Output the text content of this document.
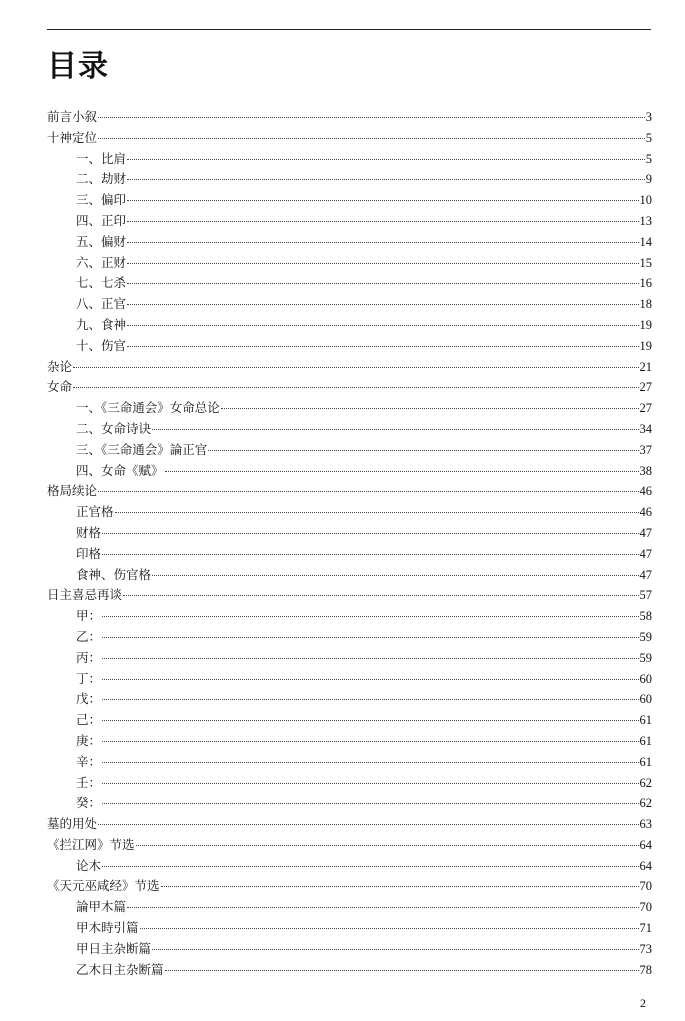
目录
前言小叙	3
十神定位	5
一、比肩	5
二、劫财	9
三、偏印	10
四、正印	13
五、偏财	14
六、正财	15
七、七杀	16
八、正官	18
九、食神	19
十、伤官	19
杂论	21
女命	27
一、《三命通会》女命总论	27
二、女命诗诀	34
三、《三命通会》論正官	37
四、女命《赋》	38
格局续论	46
正官格	46
财格	47
印格	47
食神、伤官格	47
日主喜忌再谈	57
甲：	58
乙：	59
丙：	59
丁：	60
戊：	60
己：	61
庚：	61
辛：	61
壬：	62
癸：	62
墓的用处	63
《拦江网》节选	64
论木	64
《天元巫咸经》节选	70
論甲木篇	70
甲木時引篇	71
甲日主杂断篇	73
乙木日主杂断篇	78
2
